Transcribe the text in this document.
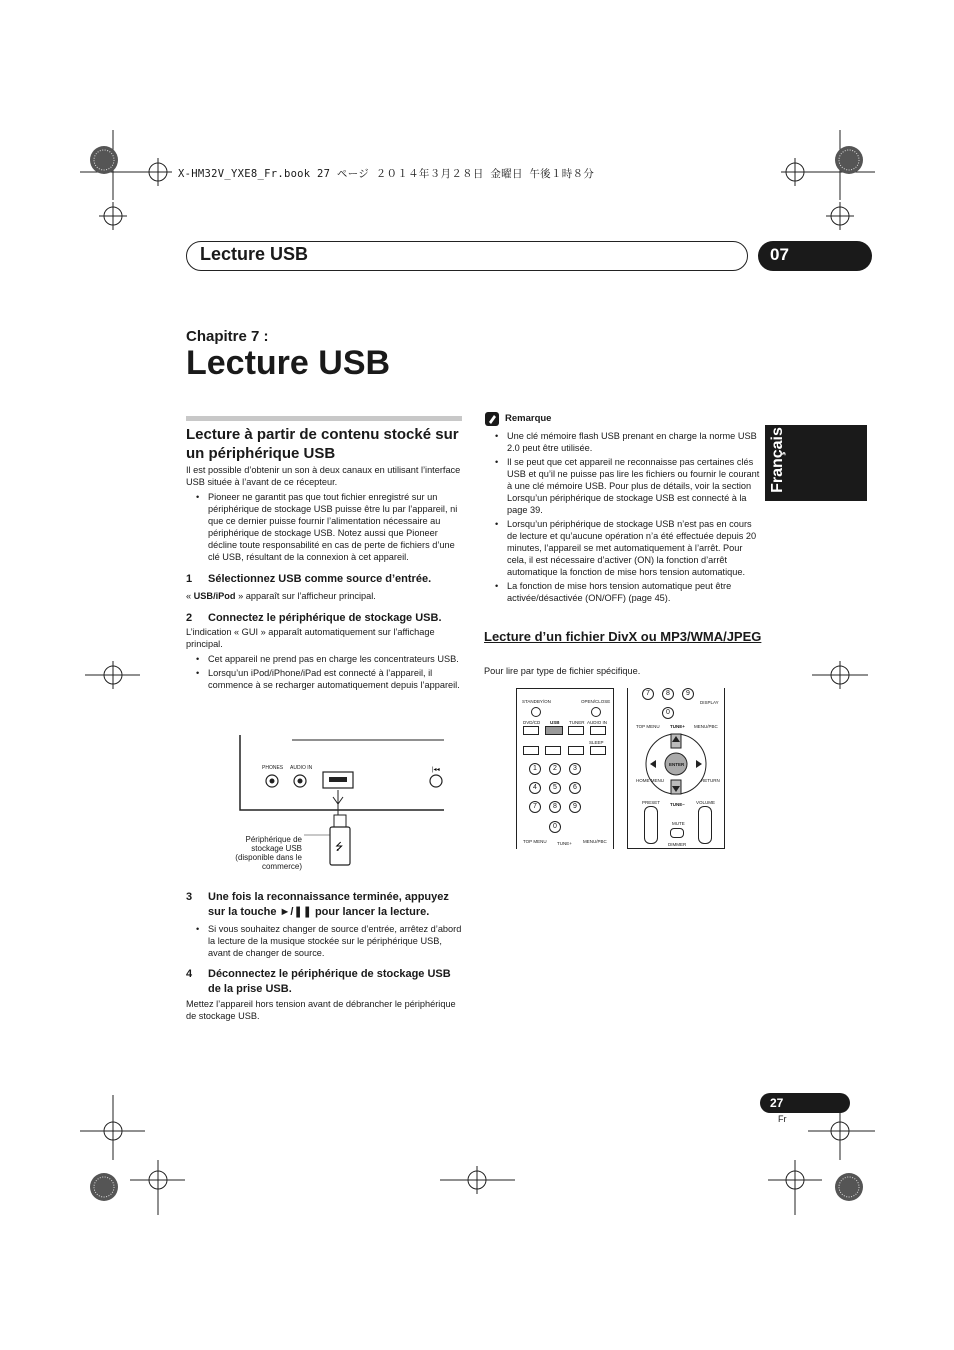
X-HM32V_YXE8_Fr.book 27 ページ ２０１４年３月２８日 金曜日 午後１時８分
Lecture USB	07
Chapitre 7 :
Lecture USB
Français
Lecture à partir de contenu stocké sur un périphérique USB
Il est possible d’obtenir un son à deux canaux en utilisant l’interface USB située à l’avant de ce récepteur.
• Pioneer ne garantit pas que tout fichier enregistré sur un périphérique de stockage USB puisse être lu par l’appareil, ni que ce dernier puisse fournir l’alimentation nécessaire au périphérique de stockage USB. Notez aussi que Pioneer décline toute responsabilité en cas de perte de fichiers d’une clé USB, résultant de la connexion à cet appareil.
1 Sélectionnez USB comme source d’entrée.
« USB/iPod » apparaît sur l’afficheur principal.
2 Connectez le périphérique de stockage USB.
L’indication « GUI » apparaît automatiquement sur l’affichage principal.
• Cet appareil ne prend pas en charge les concentrateurs USB.
• Lorsqu’un iPod/iPhone/iPad est connecté à l’appareil, il commence à se recharger automatiquement depuis l’appareil.
|◂◂
⭍
PHONES AUDIO IN
Périphérique de stockage USB (disponible dans le commerce)
3	Une fois la reconnaissance terminée, appuyez sur la touche ►/❚❚ pour lancer la lecture.
• Si vous souhaitez changer de source d’entrée, arrêtez d’abord la lecture de la musique stockée sur le périphérique USB, avant de changer de source.
4	Déconnectez le périphérique de stockage USB de la prise USB.
Mettez l’appareil hors tension avant de débrancher le périphérique de stockage USB.
Remarque
• Une clé mémoire flash USB prenant en charge la norme USB 2.0 peut être utilisée.
• Il se peut que cet appareil ne reconnaisse pas certaines clés USB et qu’il ne puisse pas lire les fichiers ou fournir le courant à une clé mémoire USB. Pour plus de détails, voir la section Lorsqu’un périphérique de stockage USB est connecté à la page 39.
• Lorsqu’un périphérique de stockage USB n’est pas en cours de lecture et qu’aucune opération n’a été effectuée depuis 20 minutes, l’appareil se met automatiquement à l’arrêt. Pour cela, il est nécessaire d’activer (ON) la fonction d’arrêt automatique la fonction de mise hors tension automatique.
• La fonction de mise hors tension automatique peut être activée/désactivée (ON/OFF) (page 45).
Lecture d’un fichier DivX ou MP3/WMA/JPEG
Pour lire par type de fichier spécifique.
STANDBY/ON	OPEN/CLOSE
DVD/CD USB TUNER AUDIO IN
SLEEP
1	2	3
4	5	6
7	8	9
0
TOP MENU TUNE+ MENU/PBC
7	8	9
0
DISPLAY
TOP MENU TUNE+ MENU/PBC
ENTER
HOME MENU	RETURN
PRESET TUNE– VOLUME
MUTE
DIMMER
27
Fr
